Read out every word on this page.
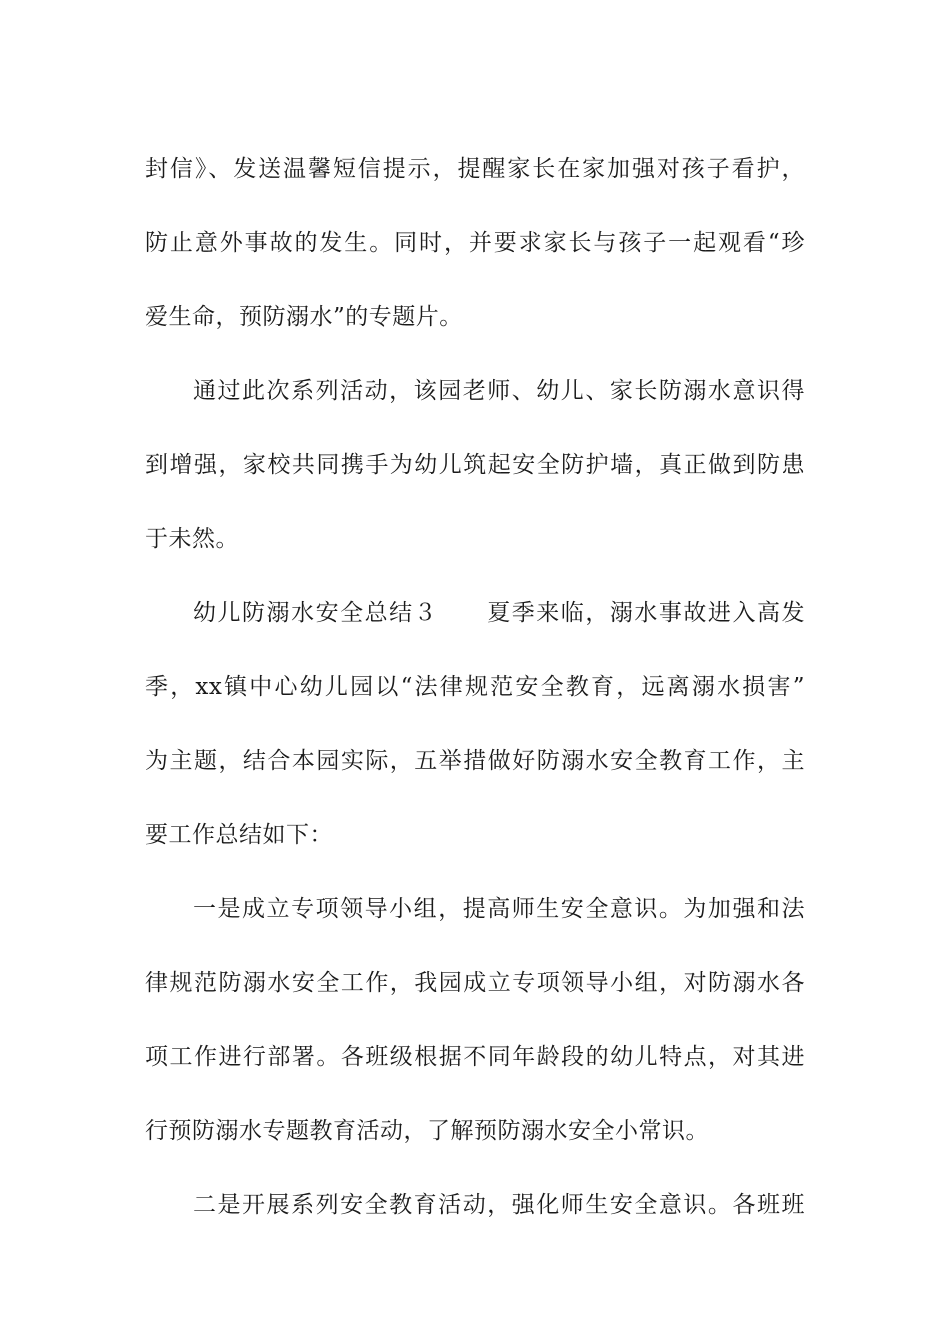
封信》、发送温馨短信提示，提醒家长在家加强对孩子看护，
防止意外事故的发生。同时，并要求家长与孩子一起观看“珍
爱生命，预防溺水”的专题片。
通过此次系列活动，该园老师、幼儿、家长防溺水意识得
到增强，家校共同携手为幼儿筑起安全防护墙，真正做到防患
于未然。
幼儿防溺水安全总结３　　夏季来临，溺水事故进入高发
季，xx镇中心幼儿园以“法律规范安全教育，远离溺水损害”
为主题，结合本园实际，五举措做好防溺水安全教育工作，主
要工作总结如下：
一是成立专项领导小组，提高师生安全意识。为加强和法
律规范防溺水安全工作，我园成立专项领导小组，对防溺水各
项工作进行部署。各班级根据不同年龄段的幼儿特点，对其进
行预防溺水专题教育活动，了解预防溺水安全小常识。
二是开展系列安全教育活动，强化师生安全意识。各班班
